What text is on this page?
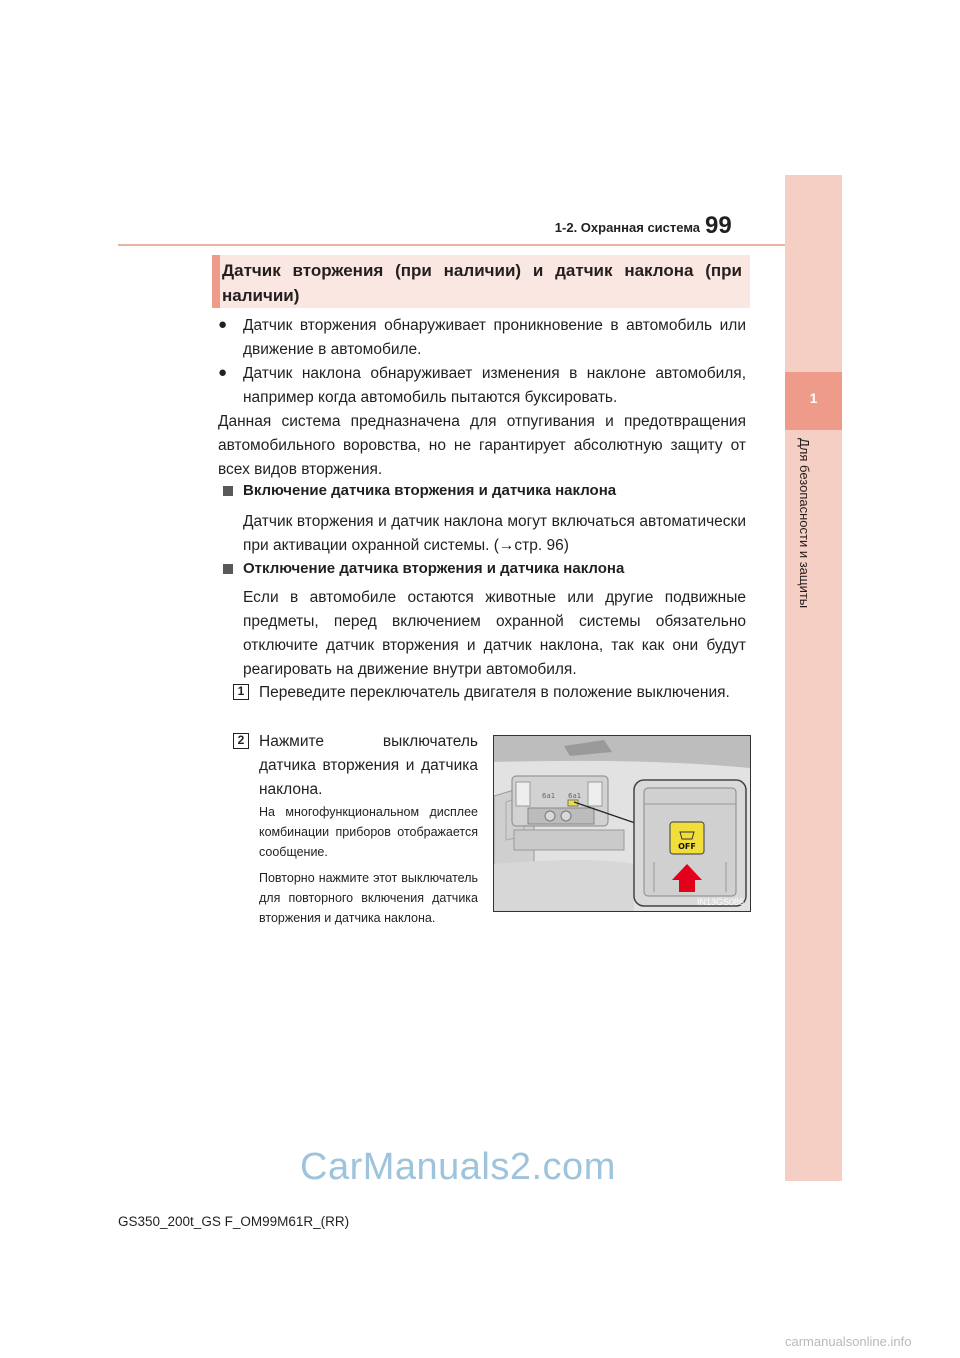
1-2. Охранная система 99
1
Для безопасности и защиты
Датчик вторжения (при наличии) и датчик наклона (при наличии)
● Датчик вторжения обнаруживает проникновение в автомобиль или движение в автомобиле.
● Датчик наклона обнаруживает изменения в наклоне автомобиля, например когда автомобиль пытаются буксировать.
Данная система предназначена для отпугивания и предотвращения автомобильного воровства, но не гарантирует абсолютную защиту от всех видов вторжения.
Включение датчика вторжения и датчика наклона
Датчик вторжения и датчик наклона могут включаться автоматически при активации охранной системы. (→стр. 96)
Отключение датчика вторжения и датчика наклона
Если в автомобиле остаются животные или другие подвижные предметы, перед включением охранной системы обязательно отключите датчик вторжения и датчик наклона, так как они будут реагировать на движение внутри автомобиля.
1 Переведите переключатель двигателя в положение выключения.
2 Нажмите выключатель датчика вторжения и датчика наклона.
На многофункциональном дисплее комбинации приборов отображается сообщение.
Повторно нажмите этот выключатель для повторного включения датчика вторжения и датчика наклона.
6a1 6a1
OFF
IN13GS086
CarManuals2.com
GS350_200t_GS F_OM99M61R_(RR)
carmanualsonline.info
